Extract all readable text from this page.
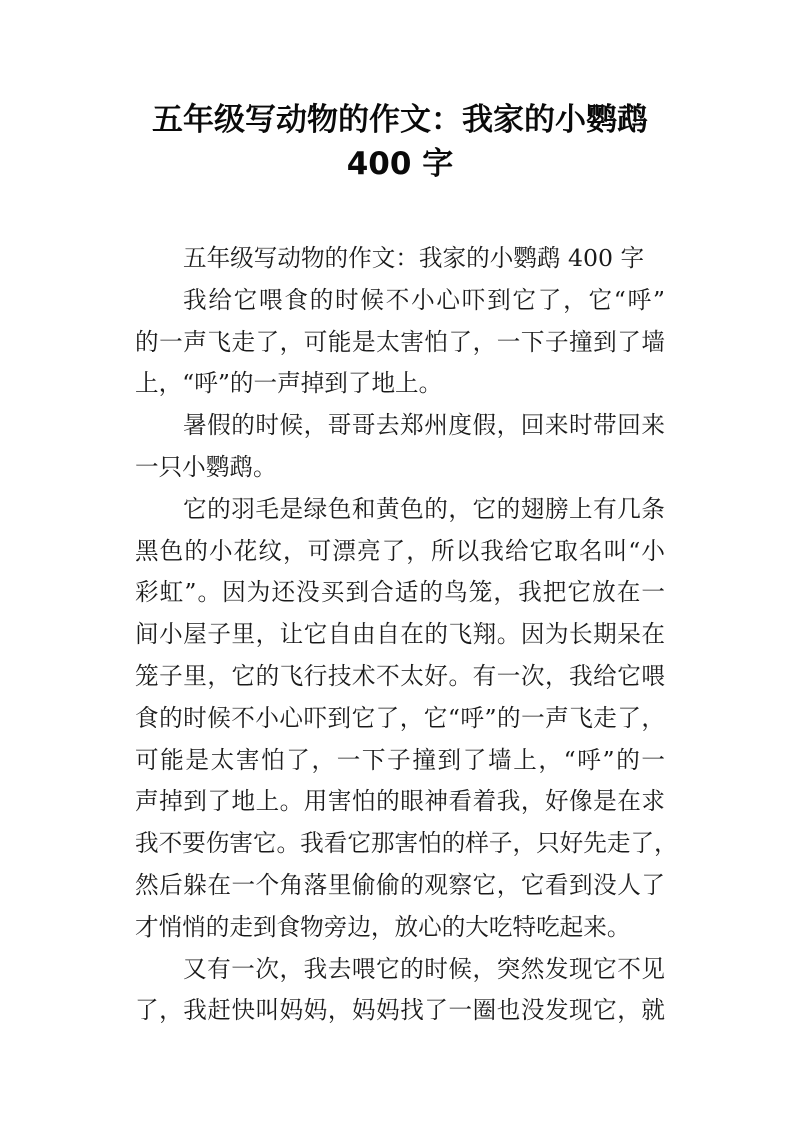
五年级写动物的作文：我家的小鹦鹉
400 字
五年级写动物的作文：我家的小鹦鹉 400 字
我给它喂食的时候不小心吓到它了，它“呼”
的一声飞走了，可能是太害怕了，一下子撞到了墙
上，“呼”的一声掉到了地上。
暑假的时候，哥哥去郑州度假，回来时带回来
一只小鹦鹉。
它的羽毛是绿色和黄色的，它的翅膀上有几条
黑色的小花纹，可漂亮了，所以我给它取名叫“小
彩虹”。因为还没买到合适的鸟笼，我把它放在一
间小屋子里，让它自由自在的飞翔。因为长期呆在
笼子里，它的飞行技术不太好。有一次，我给它喂
食的时候不小心吓到它了，它“呼”的一声飞走了，
可能是太害怕了，一下子撞到了墙上，“呼”的一
声掉到了地上。用害怕的眼神看着我，好像是在求
我不要伤害它。我看它那害怕的样子，只好先走了，
然后躲在一个角落里偷偷的观察它，它看到没人了
才悄悄的走到食物旁边，放心的大吃特吃起来。
又有一次，我去喂它的时候，突然发现它不见
了，我赶快叫妈妈，妈妈找了一圈也没发现它，就
